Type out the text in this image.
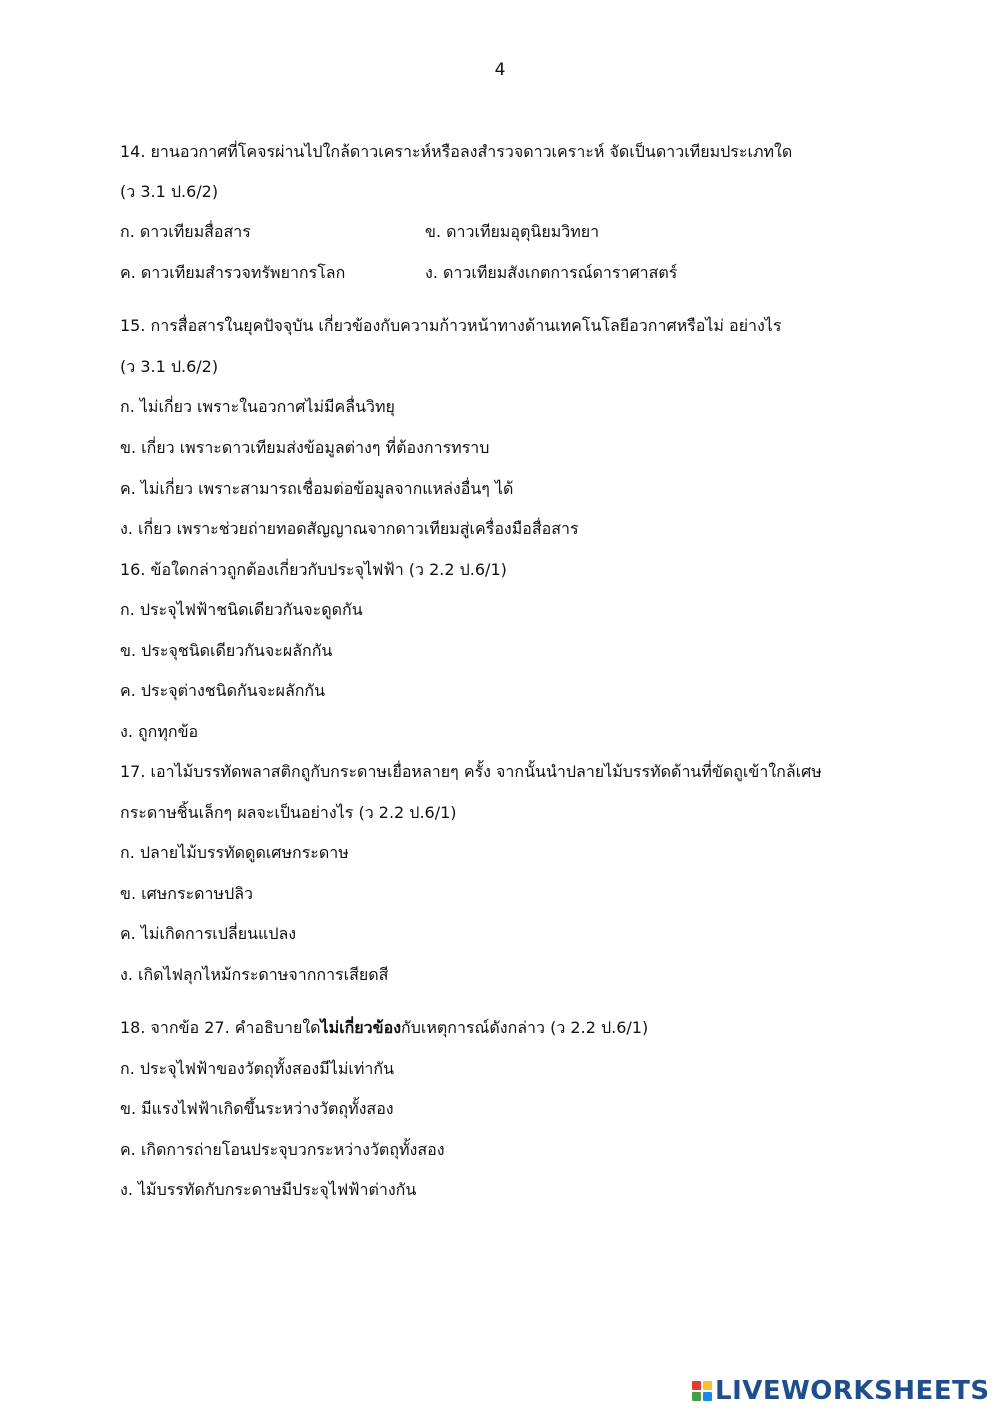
4
14. ยานอวกาศที่โคจรผ่านไปใกล้ดาวเคราะห์หรือลงสำรวจดาวเคราะห์ จัดเป็นดาวเทียมประเภทใด
(ว 3.1 ป.6/2)
ก. ดาวเทียมสื่อสาร	ข. ดาวเทียมอุตุนิยมวิทยา
ค. ดาวเทียมสำรวจทรัพยากรโลก	ง. ดาวเทียมสังเกตการณ์ดาราศาสตร์
15. การสื่อสารในยุคปัจจุบัน เกี่ยวข้องกับความก้าวหน้าทางด้านเทคโนโลยีอวกาศหรือไม่ อย่างไร
(ว 3.1 ป.6/2)
ก. ไม่เกี่ยว เพราะในอวกาศไม่มีคลื่นวิทยุ
ข. เกี่ยว เพราะดาวเทียมส่งข้อมูลต่างๆ ที่ต้องการทราบ
ค. ไม่เกี่ยว เพราะสามารถเชื่อมต่อข้อมูลจากแหล่งอื่นๆ ได้
ง. เกี่ยว เพราะช่วยถ่ายทอดสัญญาณจากดาวเทียมสู่เครื่องมือสื่อสาร
16. ข้อใดกล่าวถูกต้องเกี่ยวกับประจุไฟฟ้า (ว 2.2 ป.6/1)
ก. ประจุไฟฟ้าชนิดเดียวกันจะดูดกัน
ข. ประจุชนิดเดียวกันจะผลักกัน
ค. ประจุต่างชนิดกันจะผลักกัน
ง. ถูกทุกข้อ
17. เอาไม้บรรทัดพลาสติกถูกับกระดาษเยื่อหลายๆ ครั้ง จากนั้นนำปลายไม้บรรทัดด้านที่ขัดถูเข้าใกล้เศษ
กระดาษชิ้นเล็กๆ ผลจะเป็นอย่างไร (ว 2.2 ป.6/1)
ก. ปลายไม้บรรทัดดูดเศษกระดาษ
ข. เศษกระดาษปลิว
ค. ไม่เกิดการเปลี่ยนแปลง
ง. เกิดไฟลุกไหม้กระดาษจากการเสียดสี
18. จากข้อ 27. คำอธิบายใดไม่เกี่ยวข้องกับเหตุการณ์ดังกล่าว (ว 2.2 ป.6/1)
ก. ประจุไฟฟ้าของวัตถุทั้งสองมีไม่เท่ากัน
ข. มีแรงไฟฟ้าเกิดขึ้นระหว่างวัตถุทั้งสอง
ค. เกิดการถ่ายโอนประจุบวกระหว่างวัตถุทั้งสอง
ง. ไม้บรรทัดกับกระดาษมีประจุไฟฟ้าต่างกัน
LIVEWORKSHEETS
